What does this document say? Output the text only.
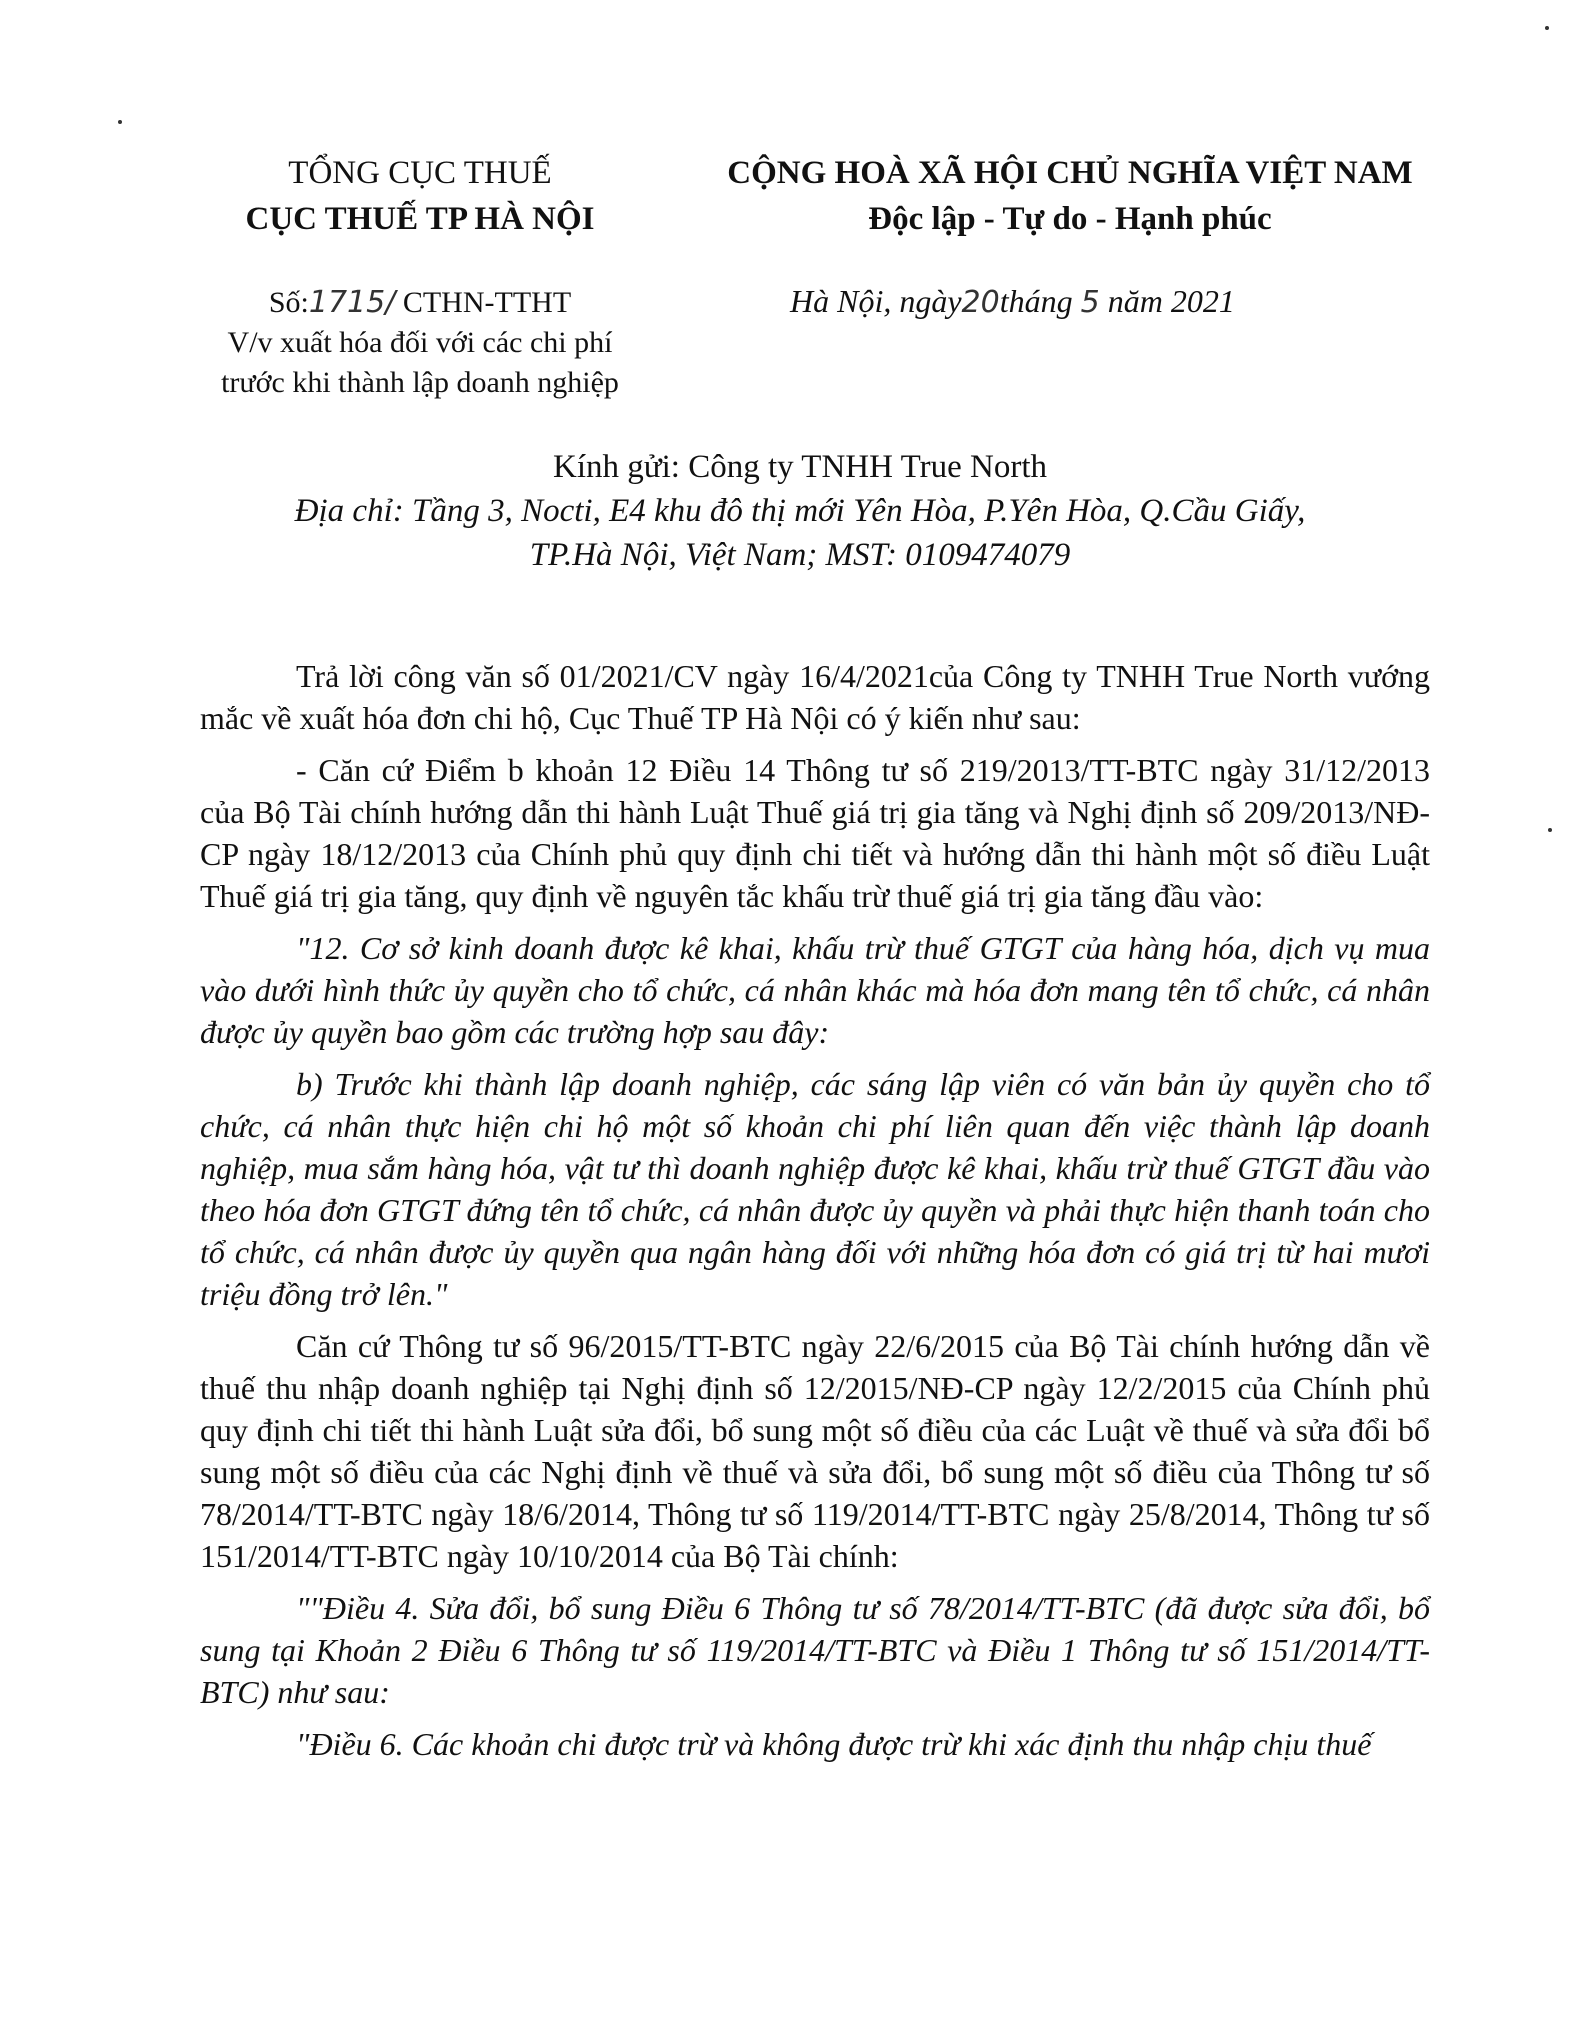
TỔNG CỤC THUẾ
CỤC THUẾ TP HÀ NỘI
CỘNG HOÀ XÃ HỘI CHỦ NGHĨA VIỆT NAM
Độc lập - Tự do - Hạnh phúc
Số:1715/ CTHN-TTHT
V/v xuất hóa đối với các chi phí
trước khi thành lập doanh nghiệp
Hà Nội, ngày20tháng 5 năm 2021
Kính gửi: Công ty TNHH True North
Địa chỉ: Tầng 3, Nocti, E4 khu đô thị mới Yên Hòa, P.Yên Hòa, Q.Cầu Giấy,
TP.Hà Nội, Việt Nam; MST: 0109474079

Trả lời công văn số 01/2021/CV ngày 16/4/2021của Công ty TNHH True North vướng mắc về xuất hóa đơn chi hộ, Cục Thuế TP Hà Nội có ý kiến như sau:

- Căn cứ Điểm b khoản 12 Điều 14 Thông tư số 219/2013/TT-BTC ngày 31/12/2013 của Bộ Tài chính hướng dẫn thi hành Luật Thuế giá trị gia tăng và Nghị định số 209/2013/NĐ-CP ngày 18/12/2013 của Chính phủ quy định chi tiết và hướng dẫn thi hành một số điều Luật Thuế giá trị gia tăng, quy định về nguyên tắc khấu trừ thuế giá trị gia tăng đầu vào:

"12. Cơ sở kinh doanh được kê khai, khấu trừ thuế GTGT của hàng hóa, dịch vụ mua vào dưới hình thức ủy quyền cho tổ chức, cá nhân khác mà hóa đơn mang tên tổ chức, cá nhân được ủy quyền bao gồm các trường hợp sau đây:

b) Trước khi thành lập doanh nghiệp, các sáng lập viên có văn bản ủy quyền cho tổ chức, cá nhân thực hiện chi hộ một số khoản chi phí liên quan đến việc thành lập doanh nghiệp, mua sắm hàng hóa, vật tư thì doanh nghiệp được kê khai, khấu trừ thuế GTGT đầu vào theo hóa đơn GTGT đứng tên tổ chức, cá nhân được ủy quyền và phải thực hiện thanh toán cho tổ chức, cá nhân được ủy quyền qua ngân hàng đối với những hóa đơn có giá trị từ hai mươi triệu đồng trở lên."

Căn cứ Thông tư số 96/2015/TT-BTC ngày 22/6/2015 của Bộ Tài chính hướng dẫn về thuế thu nhập doanh nghiệp tại Nghị định số 12/2015/NĐ-CP ngày 12/2/2015 của Chính phủ quy định chi tiết thi hành Luật sửa đổi, bổ sung một số điều của các Luật về thuế và sửa đổi bổ sung một số điều của các Nghị định về thuế và sửa đổi, bổ sung một số điều của Thông tư số 78/2014/TT-BTC ngày 18/6/2014, Thông tư số 119/2014/TT-BTC ngày 25/8/2014, Thông tư số 151/2014/TT-BTC ngày 10/10/2014 của Bộ Tài chính:

""Điều 4. Sửa đổi, bổ sung Điều 6 Thông tư số 78/2014/TT-BTC (đã được sửa đổi, bổ sung tại Khoản 2 Điều 6 Thông tư số 119/2014/TT-BTC và Điều 1 Thông tư số 151/2014/TT-BTC) như sau:

"Điều 6. Các khoản chi được trừ và không được trừ khi xác định thu nhập chịu thuế
